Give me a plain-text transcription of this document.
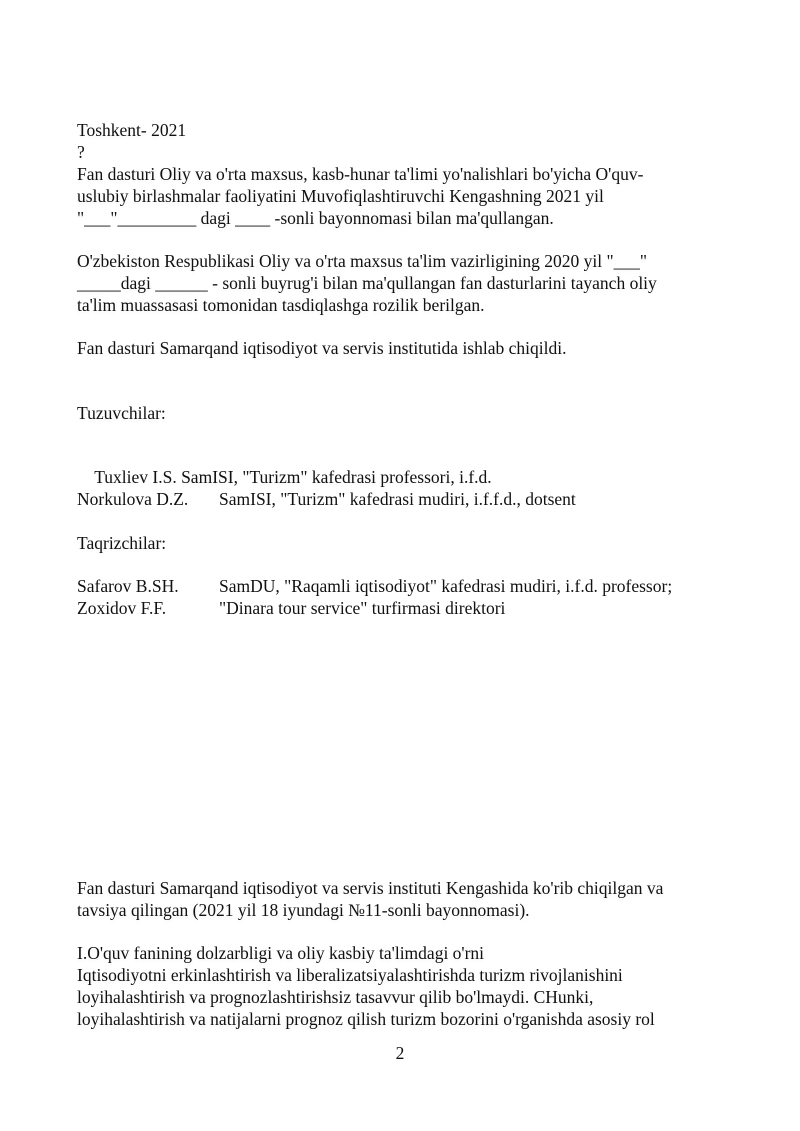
Toshkent- 2021
?
Fan dasturi Oliy va o'rta maxsus, kasb-hunar ta'limi yo'nalishlari bo'yicha O'quv-
uslubiy birlashmalar faoliyatini Muvofiqlashtiruvchi Kengashning 2021 yil
"___"_________ dagi ____ -sonli bayonnomasi bilan ma'qullangan.
O'zbekiston Respublikasi Oliy va o'rta maxsus ta'lim vazirligining 2020 yil "___"
_____dagi ______ - sonli buyrug'i bilan ma'qullangan fan dasturlarini tayanch oliy
ta'lim muassasasi tomonidan tasdiqlashga rozilik berilgan.
Fan dasturi Samarqand iqtisodiyot va servis institutida ishlab chiqildi.
Tuzuvchilar:

Tuxliev I.S. SamISI, "Turizm" kafedrasi professori, i.f.d.

Norkulova D.Z. SamISI, "Turizm" kafedrasi mudiri, i.f.f.d., dotsent
Taqrizchilar:
Safarov B.SH. SamDU, "Raqamli iqtisodiyot" kafedrasi mudiri, i.f.d. professor;
Zoxidov F.F.	"Dinara tour service" turfirmasi direktori
Fan dasturi Samarqand iqtisodiyot va servis instituti Kengashida ko'rib chiqilgan va
tavsiya qilingan (2021 yil 18 iyundagi №11-sonli bayonnomasi).
I.O'quv fanining dolzarbligi va oliy kasbiy ta'limdagi o'rni
Iqtisodiyotni erkinlashtirish va liberalizatsiyalashtirishda turizm rivojlanishini
loyihalashtirish va prognozlashtirishsiz tasavvur qilib bo'lmaydi. CHunki,
loyihalashtirish va natijalarni prognoz qilish turizm bozorini o'rganishda asosiy rol
2
